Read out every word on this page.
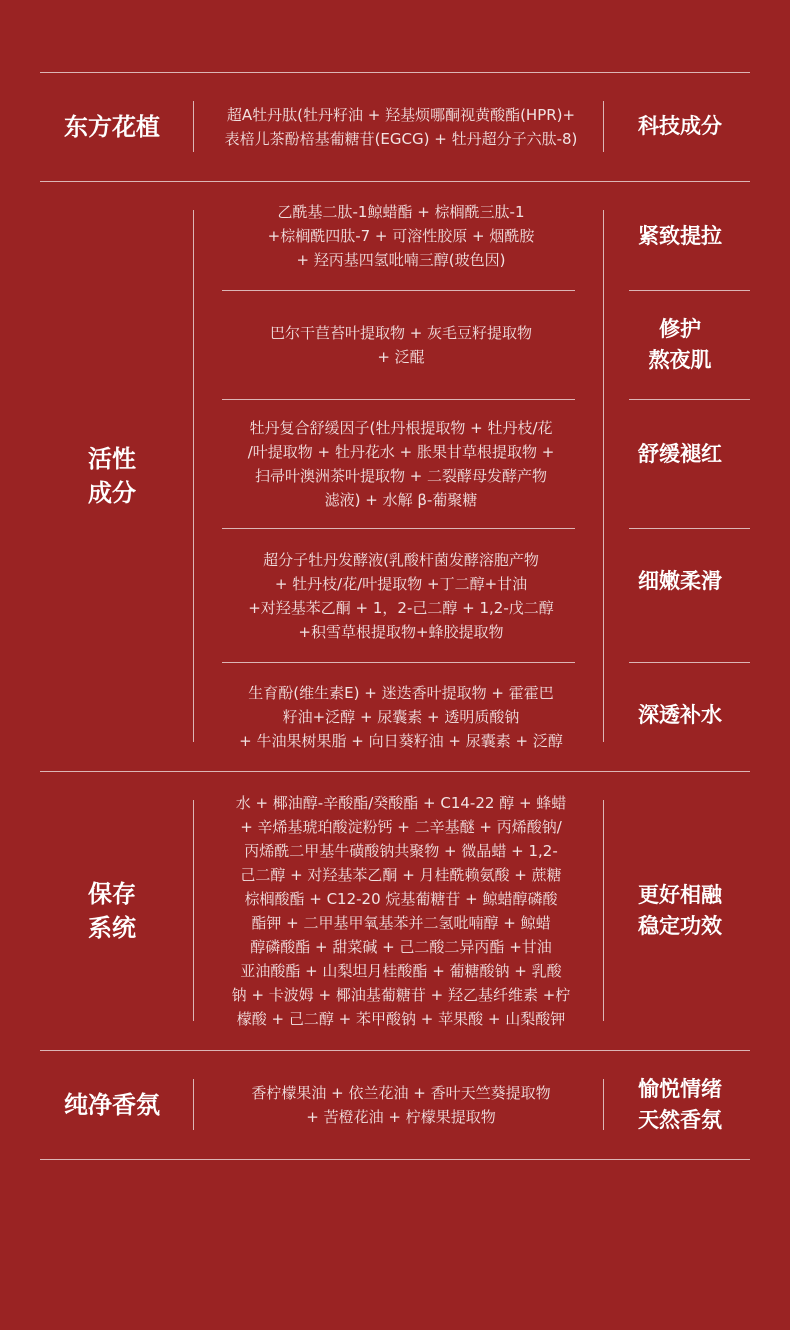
东方花植	超A牡丹肽(牡丹籽油 + 羟基烦哪酮视黄酸酯(HPR)+
表棓儿茶酚棓基葡糖苷(EGCG) + 牡丹超分子六肽-8)
科技成分
活性
成分
乙酰基二肽-1鲸蜡酯 + 棕榈酰三肽-1
+棕榈酰四肽-7 + 可溶性胶原 + 烟酰胺
+ 羟丙基四氢吡喃三醇(玻色因)
紧致提拉
巴尔干苣苔叶提取物 + 灰毛豆籽提取物
+ 泛醌
修护
熬夜肌
牡丹复合舒缓因子(牡丹根提取物 + 牡丹枝/花
/叶提取物 + 牡丹花水 + 胀果甘草根提取物 +
扫帚叶澳洲茶叶提取物 + 二裂酵母发酵产物
滤液) + 水解 β-葡聚糖
舒缓褪红
超分子牡丹发酵液(乳酸杆菌发酵溶胞产物
+ 牡丹枝/花/叶提取物 +丁二醇+甘油
+对羟基苯乙酮 + 1，2-己二醇 + 1,2-戊二醇
+积雪草根提取物+蜂胶提取物
细嫩柔滑
生育酚(维生素E) + 迷迭香叶提取物 + 霍霍巴
籽油+泛醇 + 尿囊素 + 透明质酸钠
+ 牛油果树果脂 + 向日葵籽油 + 尿囊素 + 泛醇
深透补水
保存
系统
水 + 椰油醇-辛酸酯/癸酸酯 + C14-22 醇 + 蜂蜡
+ 辛烯基琥珀酸淀粉钙 + 二辛基醚 + 丙烯酸钠/
丙烯酰二甲基牛磺酸钠共聚物 + 微晶蜡 + 1,2-
己二醇 + 对羟基苯乙酮 + 月桂酰赖氨酸 + 蔗糖
棕榈酸酯 + C12-20 烷基葡糖苷 + 鲸蜡醇磷酸
酯钾 + 二甲基甲氧基苯并二氢吡喃醇 + 鲸蜡
醇磷酸酯 + 甜菜碱 + 己二酸二异丙酯 +甘油
亚油酸酯 + 山梨坦月桂酸酯 + 葡糖酸钠 + 乳酸
钠 + 卡波姆 + 椰油基葡糖苷 + 羟乙基纤维素 +柠
檬酸 + 己二醇 + 苯甲酸钠 + 苹果酸 + 山梨酸钾
更好相融
稳定功效
纯净香氛	香柠檬果油 + 依兰花油 + 香叶天竺葵提取物
+ 苦橙花油 + 柠檬果提取物
愉悦情绪
天然香氛
